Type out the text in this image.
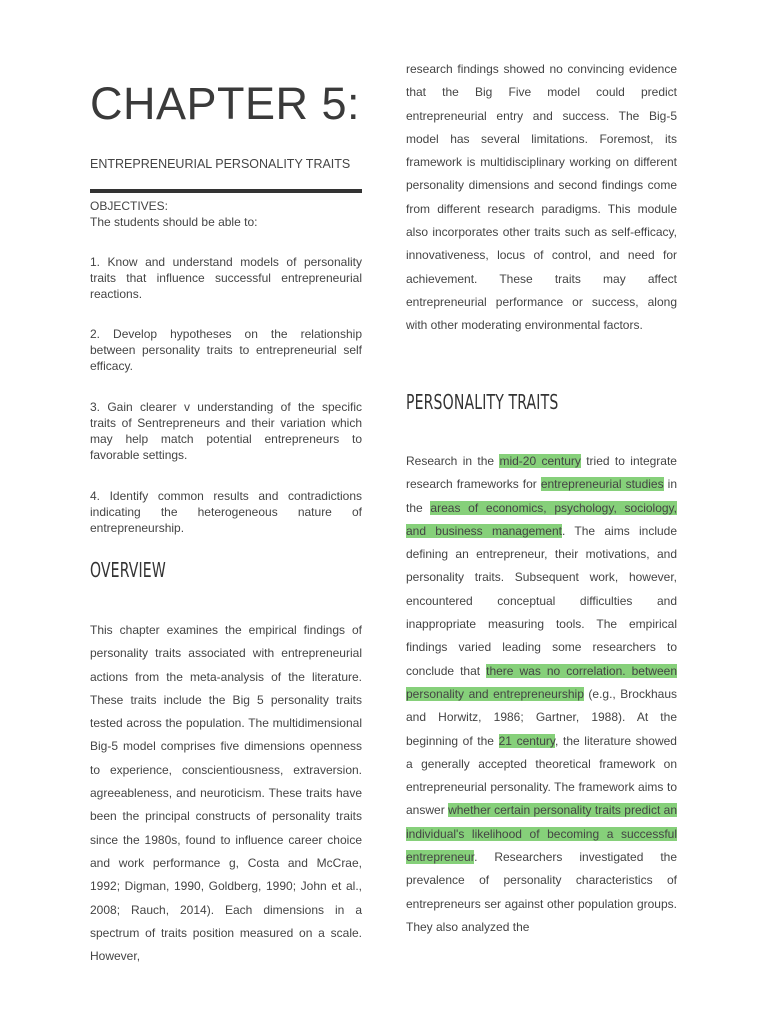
CHAPTER 5:

ENTREPRENEURIAL PERSONALITY TRAITS

OBJECTIVES:
The students should be able to:

1. Know and understand models of personality traits that influence successful entrepreneurial reactions.

2. Develop hypotheses on the relationship between personality traits to entrepreneurial self efficacy.

3. Gain clearer v understanding of the specific traits of Sentrepreneurs and their variation which may help match potential entrepreneurs to favorable settings.

4. Identify common results and contradictions indicating the heterogeneous nature of entrepreneurship.

OVERVIEW

This chapter examines the empirical findings of personality traits associated with entrepreneurial actions from the meta-analysis of the literature. These traits include the Big 5 personality traits tested across the population. The multidimensional Big-5 model comprises five dimensions openness to experience, conscientiousness, extraversion. agreeableness, and neuroticism. These traits have been the principal constructs of personality traits since the 1980s, found to influence career choice and work performance g, Costa and McCrae, 1992; Digman, 1990, Goldberg, 1990; John et al., 2008; Rauch, 2014). Each dimensions in a spectrum of traits position measured on a scale. However,

research findings showed no convincing evidence that the Big Five model could predict entrepreneurial entry and success. The Big-5 model has several limitations. Foremost, its framework is multidisciplinary working on different personality dimensions and second findings come from different research paradigms. This module also incorporates other traits such as self-efficacy, innovativeness, locus of control, and need for achievement. These traits may affect entrepreneurial performance or success, along with other moderating environmental factors.

PERSONALITY TRAITS

Research in the mid-20 century tried to integrate research frameworks for entrepreneurial studies in the areas of economics, psychology, sociology, and business management. The aims include defining an entrepreneur, their motivations, and personality traits. Subsequent work, however, encountered conceptual difficulties and inappropriate measuring tools. The empirical findings varied leading some researchers to conclude that there was no correlation. between personality and entrepreneurship (e.g., Brockhaus and Horwitz, 1986; Gartner, 1988). At the beginning of the 21 century, the literature showed a generally accepted theoretical framework on entrepreneurial personality. The framework aims to answer whether certain personality traits predict an individual's likelihood of becoming a successful entrepreneur. Researchers investigated the prevalence of personality characteristics of entrepreneurs ser against other population groups. They also analyzed the
